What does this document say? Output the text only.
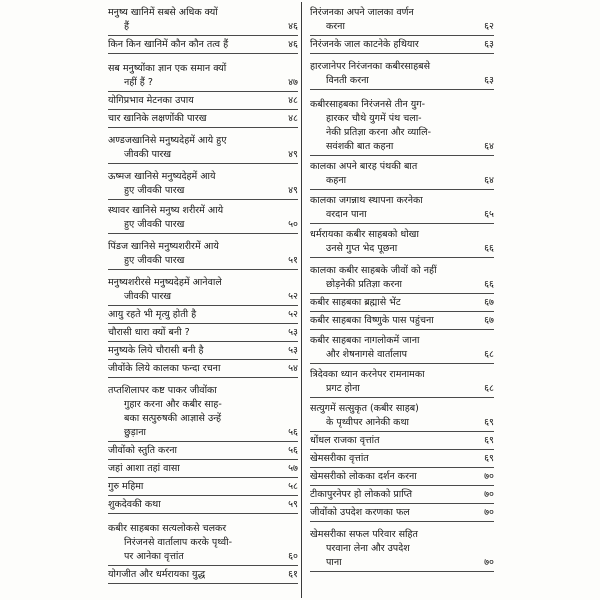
मनुष्य खानिमें सबसे अधिक क्यों
हैं	४६
किन किन खानिमें कौन कौन तत्व हैं	४६
सब मनुष्योंका ज्ञान एक समान क्यों
नहीं हैं ?	४७
योगिप्रभाव मेटनका उपाय	४८
चार खानिके लक्षणोंकी पारख	४८
अण्डजखानिसे मनुष्यदेहमें आये हुए
जीवकी पारख	४९
ऊष्मज खानिसे मनुष्यदेहमें आये
हुए जीवकी पारख	४९
स्थावर खानिसे मनुष्य शरीरमें आये
हुए जीवकी पारख	५०
पिंडज खानिसे मनुष्यशरीरमें आये
हुए जीवकी पारख	५१
मनुष्यशरीरसे मनुष्यदेहमें आनेवाले
जीवकी पारख	५२
आयु रहते भी मृत्यु होती है	५२
चौरासी धारा क्यों बनी ?	५३
मनुष्यके लिये चौरासी बनी है	५३
जीवोंके लिये कालका फन्दा रचना	५४
तप्तशिलापर कष्ट पाकर जीवोंका
गुहार करना और कबीर साह-
बका सत्पुरुषकी आज्ञासे उन्हें
छुड़ाना	५६
जीवोंको स्तुति करना	५६
जहां आशा तहां वासा	५७
गुरु महिमा	५८
शुकदेवकी कथा	५९
कबीर साहबका सत्यलोकसे चलकर
निरंजनसे वार्तालाप करके पृथ्वी-
पर आनेका वृत्तांत	६०
योगजीत और धर्मरायका युद्ध	६१
निरंजनका अपने जालका वर्णन
करना	६२
निरंजनके जाल काटनेके हथियार	६३
हारजानेपर निरंजनका कबीरसाहबसे
विनती करना	६३
कबीरसाहबका निरंजनसे तीन युग-
हारकर चौथे युगमें पंथ चला-
नेकी प्रतिज्ञा करना और व्यालि-
सवंशकी बात कहना	६४
कालका अपने बारह पंथकी बात
कहना	६४
कालका जगन्नाथ स्थापना करनेका
वरदान पाना	६५
धर्मरायका कबीर साहबको धोखा
उनसे गुप्त भेद पूछना	६६
कालका कबीर साहबके जीवों को नहीं
छोड़नेकी प्रतिज्ञा करना	६६
कबीर साहबका ब्रह्मासे भेंट	६७
कबीर साहबका विष्णुके पास पहुंचना	६७
कबीर साहबका नागलोकमें जाना
और शेषनागसे वार्तालाप	६८
त्रिदेवका ध्यान करनेपर रामनामका
प्रगट होना	६८
सत्युगमें सत्सुकृत (कबीर साहब)
के पृथ्वीपर आनेकी कथा	६९
धोंधल राजका वृत्तांत	६९
खेमसरीका वृत्तांत	६९
खेमसरीको लोकका दर्शन करना	७०
टीकापुरनेपर हो लोकको प्राप्ति	७०
जीवोंको उपदेश करणका फल	७०
खेमसरीका सफल परिवार सहित
परवाना लेना और उपदेश
पाना	७०
